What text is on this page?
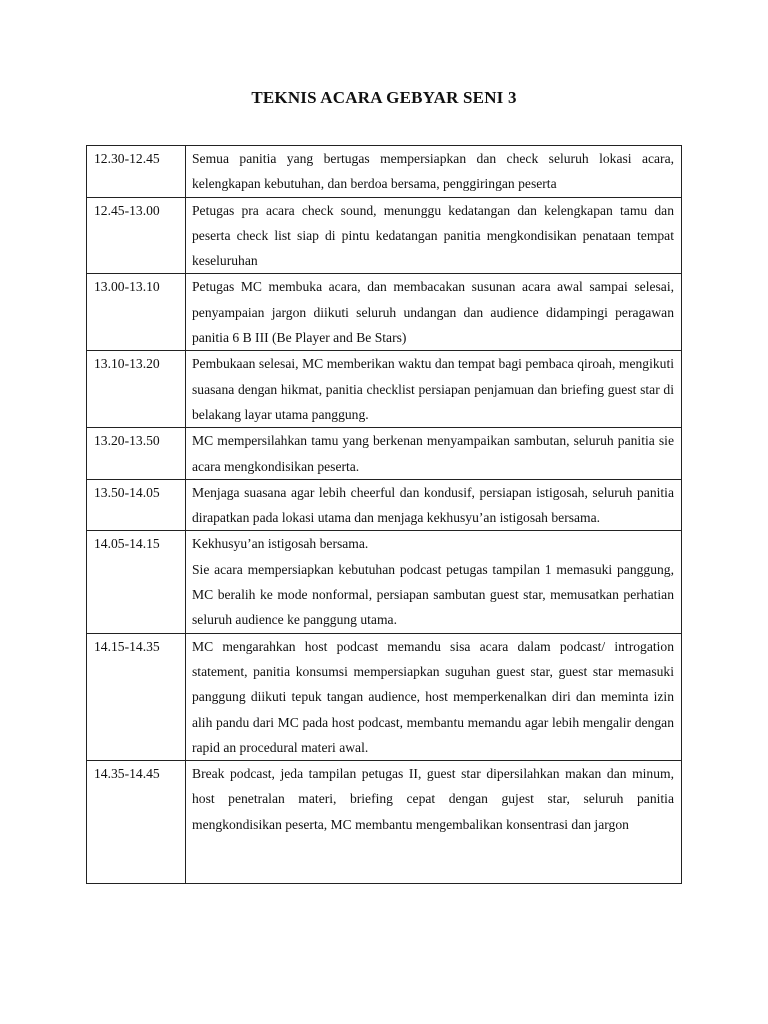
TEKNIS ACARA GEBYAR SENI 3
12.30-12.45	Semua panitia yang bertugas mempersiapkan dan check seluruh lokasi acara, kelengkapan kebutuhan, dan berdoa bersama, penggiringan peserta

12.45-13.00	Petugas pra acara check sound, menunggu kedatangan dan kelengkapan tamu dan peserta check list siap di pintu kedatangan panitia mengkondisikan penataan tempat keseluruhan

13.00-13.10	Petugas MC membuka acara, dan membacakan susunan acara awal sampai selesai, penyampaian jargon diikuti seluruh undangan dan audience didampingi peragawan panitia 6 B III (Be Player and Be Stars)

13.10-13.20	Pembukaan selesai, MC memberikan waktu dan tempat bagi pembaca qiroah, mengikuti suasana dengan hikmat, panitia checklist persiapan penjamuan dan briefing guest star di belakang layar utama panggung.

13.20-13.50	MC mempersilahkan tamu yang berkenan menyampaikan sambutan, seluruh panitia sie acara mengkondisikan peserta.

13.50-14.05	Menjaga suasana agar lebih cheerful dan kondusif, persiapan istigosah, seluruh panitia dirapatkan pada lokasi utama dan menjaga kekhusyu’an istigosah bersama.

14.05-14.15	Kekhusyu’an istigosah bersama.
Sie acara mempersiapkan kebutuhan podcast petugas tampilan 1 memasuki panggung, MC beralih ke mode nonformal, persiapan sambutan guest star, memusatkan perhatian seluruh audience ke panggung utama.

14.15-14.35	MC mengarahkan host podcast memandu sisa acara dalam podcast/ introgation statement, panitia konsumsi mempersiapkan suguhan guest star, guest star memasuki panggung diikuti tepuk tangan audience, host memperkenalkan diri dan meminta izin alih pandu dari MC pada host podcast, membantu memandu agar lebih mengalir dengan rapid an procedural materi awal.

14.35-14.45	Break podcast, jeda tampilan petugas II, guest star dipersilahkan makan dan minum, host penetralan materi, briefing cepat dengan gujest star, seluruh panitia mengkondisikan peserta, MC membantu mengembalikan konsentrasi dan jargon
